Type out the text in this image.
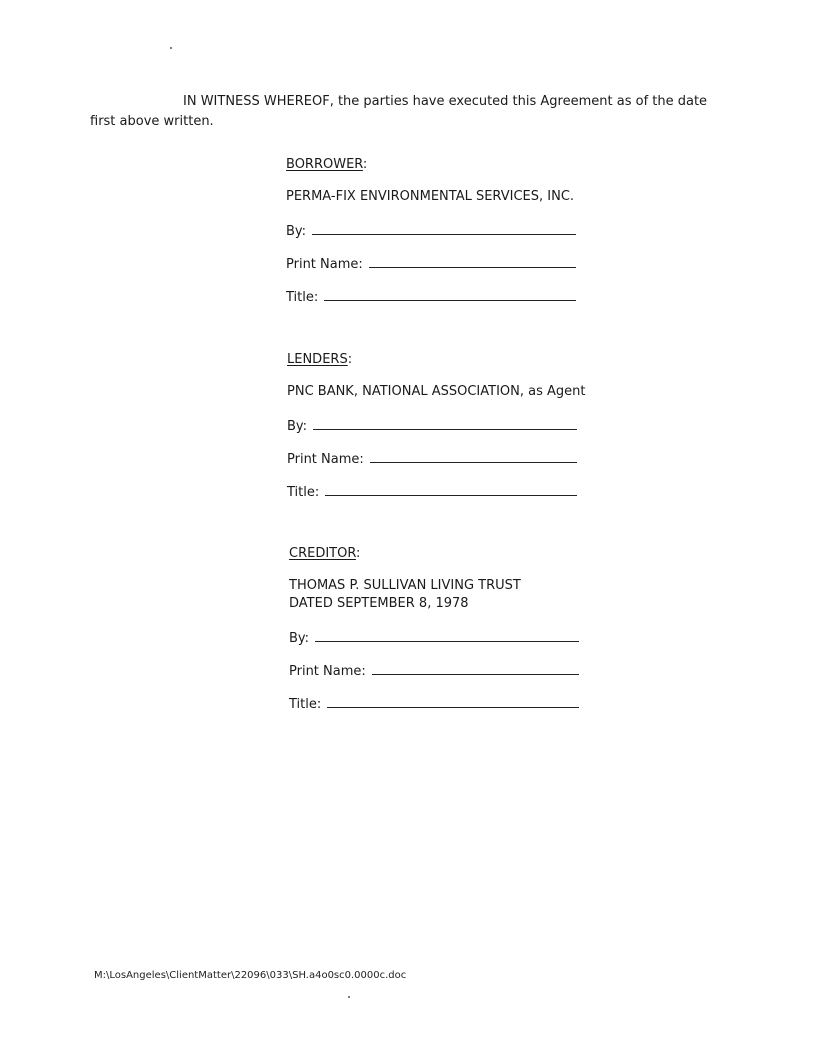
IN WITNESS WHEREOF, the parties have executed this Agreement as of the date first above written.
BORROWER:
PERMA-FIX ENVIRONMENTAL SERVICES, INC.
By:
Print Name:
Title:
LENDERS:
PNC BANK, NATIONAL ASSOCIATION, as Agent
By:
Print Name:
Title:
CREDITOR:
THOMAS P. SULLIVAN LIVING TRUST
DATED SEPTEMBER 8, 1978
By:
Print Name:
Title:
M:\LosAngeles\ClientMatter\22096\033\SH.a4o0sc0.0000c.doc
